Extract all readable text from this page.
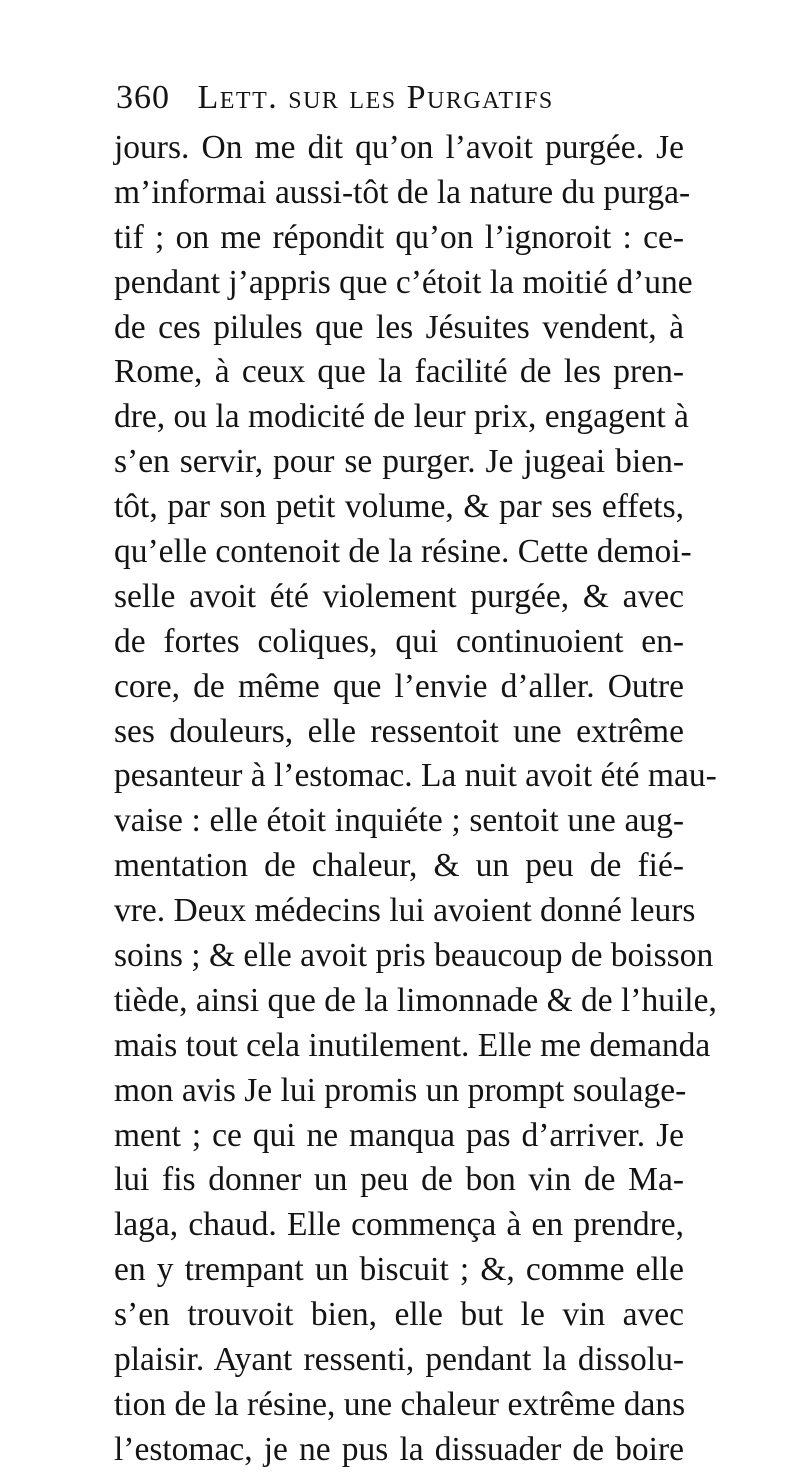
360 Lett. sur les Purgatifs
jours. On me dit qu’on l’avoit purgée. Je
m’informai aussi-tôt de la nature du purga-
tif ; on me répondit qu’on l’ignoroit : ce-
pendant j’appris que c’étoit la moitié d’une
de ces pilules que les Jésuites vendent, à
Rome, à ceux que la facilité de les pren-
dre, ou la modicité de leur prix, engagent à
s’en servir, pour se purger. Je jugeai bien-
tôt, par son petit volume, & par ses effets,
qu’elle contenoit de la résine. Cette demoi-
selle avoit été violement purgée, & avec
de fortes coliques, qui continuoient en-
core, de même que l’envie d’aller. Outre
ses douleurs, elle ressentoit une extrême
pesanteur à l’estomac. La nuit avoit été mau-
vaise : elle étoit inquiéte ; sentoit une aug-
mentation de chaleur, & un peu de fié-
vre. Deux médecins lui avoient donné leurs
soins ; & elle avoit pris beaucoup de boisson
tiède, ainsi que de la limonnade & de l’huile,
mais tout cela inutilement. Elle me demanda
mon avis Je lui promis un prompt soulage-
ment ; ce qui ne manqua pas d’arriver. Je
lui fis donner un peu de bon vin de Ma-
laga, chaud. Elle commença à en prendre,
en y trempant un biscuit ; &, comme elle
s’en trouvoit bien, elle but le vin avec
plaisir. Ayant ressenti, pendant la dissolu-
tion de la résine, une chaleur extrême dans
l’estomac, je ne pus la dissuader de boire
